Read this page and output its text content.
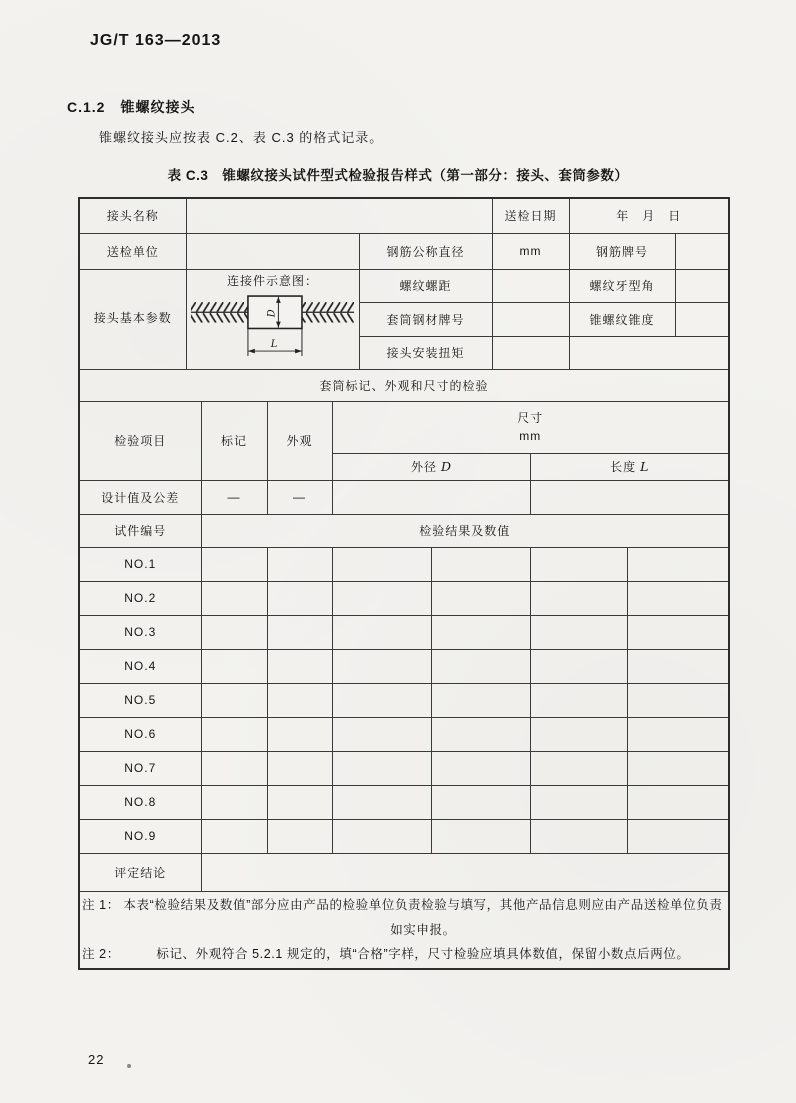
JG/T 163—2013
C.1.2　锥螺纹接头
锥螺纹接头应按表 C.2、表 C.3 的格式记录。
表 C.3　锥螺纹接头试件型式检验报告样式（第一部分：接头、套筒参数）
接头名称							送检日期		年　月　日		
送检单位					钢筋公称直径		mm		钢筋牌号		
接头基本参数	连接件示意图：
D
L				螺纹螺距				螺纹牙型角		
					套筒钢材牌号				锥螺纹锥度		
					接头安装扭矩						
套筒标记、外观和尺寸的检验											
检验项目		标记	外观	尺寸
mm							

				外径 D				长度 L			
设计值及公差		—	—								
试件编号		检验结果及数值									
NO.1											
NO.2											
NO.3											
NO.4											
NO.5											
NO.6											
NO.7											
NO.8											
NO.9											
评定结论											

注 1： 本表“检验结果及数值”部分应由产品的检验单位负责检验与填写，其他产品信息则应由产品送检单位负责如实申报。
注 2： 标记、外观符合 5.2.1 规定的，填“合格”字样，尺寸检验应填具体数值，保留小数点后两位。											
22
